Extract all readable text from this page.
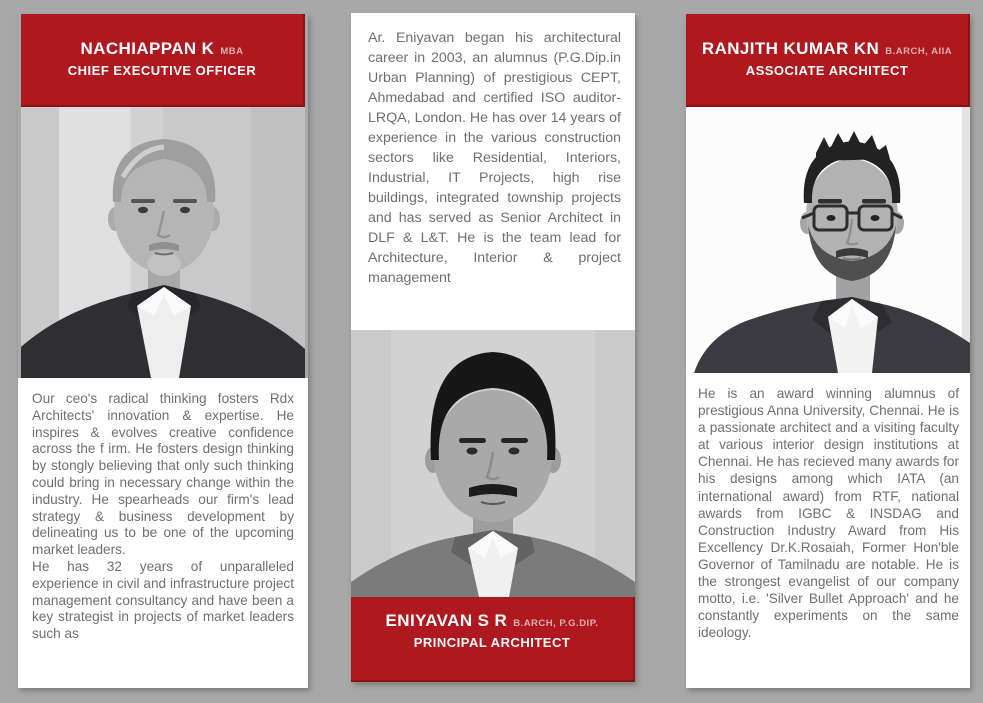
NACHIAPPAN K MBA
CHIEF EXECUTIVE OFFICER

Our ceo's radical thinking fosters Rdx Architects' innovation & expertise. He inspires & evolves creative confidence across the f irm. He fosters design thinking by stongly believing that only such thinking could bring in necessary change within the industry. He spearheads our firm's lead strategy & business development by delineating us to be one of the upcoming market leaders.

He has 32 years of unparalleled experience in civil and infrastructure project management consultancy and have been a key strategist in projects of market leaders such as

Ar. Eniyavan began his architectural career in 2003, an alumnus (P.G.Dip.in Urban Planning) of prestigious CEPT, Ahmedabad and certified ISO auditor- LRQA, London. He has over 14 years of experience in the various construction sectors like Residential, Interiors, Industrial, IT Projects, high rise buildings, integrated township projects and has served as Senior Architect in DLF & L&T. He is the team lead for Architecture, Interior & project management

ENIYAVAN S R B.ARCH, P.G.DIP.
PRINCIPAL ARCHITECT
RANJITH KUMAR KN B.ARCH, AIIA
ASSOCIATE ARCHITECT

He is an award winning alumnus of prestigious Anna University, Chennai. He is a passionate architect and a visiting faculty at various interior design institutions at Chennai. He has recieved many awards for his designs among which IATA (an international award) from RTF, national awards from IGBC & INSDAG and Construction Industry Award from His Excellency Dr.K.Rosaiah, Former Hon'ble Governor of Tamilnadu are notable. He is the strongest evangelist of our company motto, i.e. 'Silver Bullet Approach' and he constantly experiments on the same ideology.
